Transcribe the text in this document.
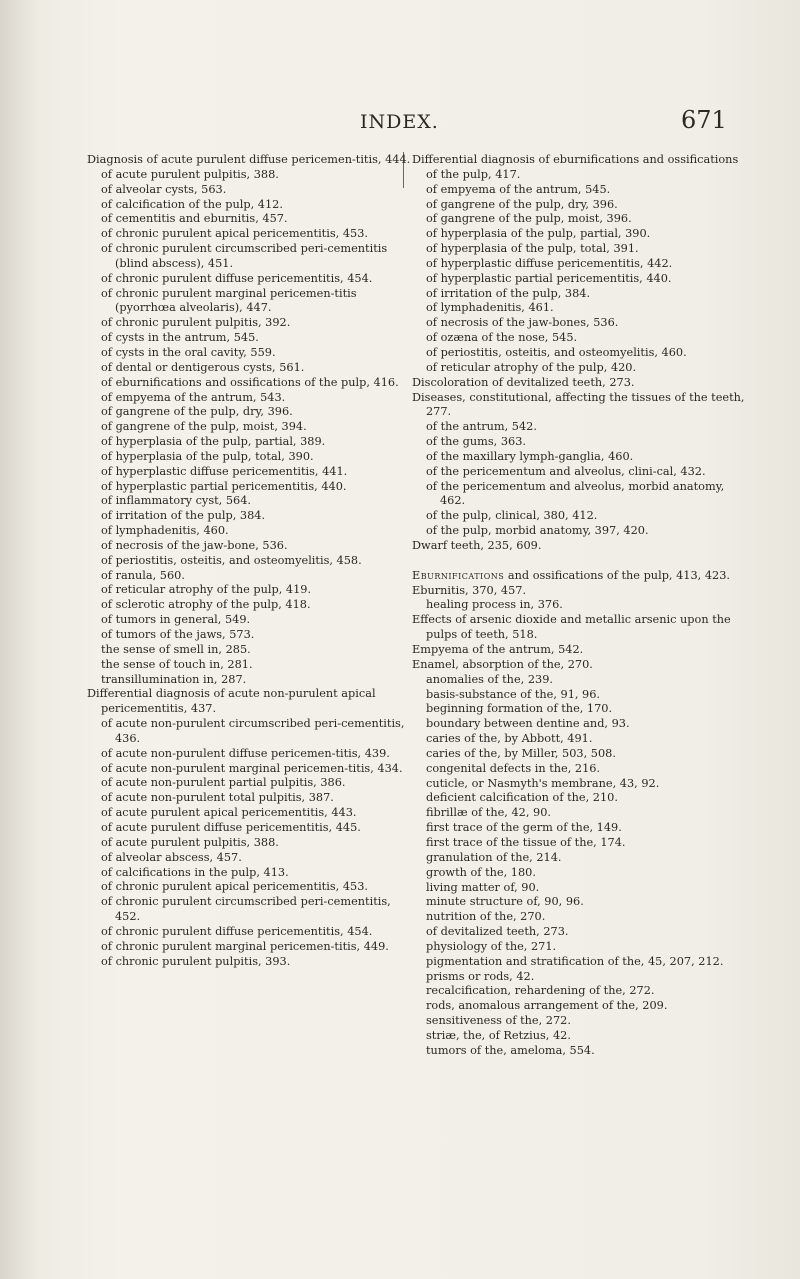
INDEX.	671
Diagnosis of acute purulent diffuse pericemen-titis, 444.
of acute purulent pulpitis, 388.
of alveolar cysts, 563.
of calcification of the pulp, 412.
of cementitis and eburnitis, 457.
of chronic purulent apical pericementitis, 453.
of chronic purulent circumscribed peri-cementitis (blind abscess), 451.
of chronic purulent diffuse pericementitis, 454.
of chronic purulent marginal pericemen-titis (pyorrhœa alveolaris), 447.
of chronic purulent pulpitis, 392.
of cysts in the antrum, 545.
of cysts in the oral cavity, 559.
of dental or dentigerous cysts, 561.
of eburnifications and ossifications of the pulp, 416.
of empyema of the antrum, 543.
of gangrene of the pulp, dry, 396.
of gangrene of the pulp, moist, 394.
of hyperplasia of the pulp, partial, 389.
of hyperplasia of the pulp, total, 390.
of hyperplastic diffuse pericementitis, 441.
of hyperplastic partial pericementitis, 440.
of inflammatory cyst, 564.
of irritation of the pulp, 384.
of lymphadenitis, 460.
of necrosis of the jaw-bone, 536.
of periostitis, osteitis, and osteomyelitis, 458.
of ranula, 560.
of reticular atrophy of the pulp, 419.
of sclerotic atrophy of the pulp, 418.
of tumors in general, 549.
of tumors of the jaws, 573.
the sense of smell in, 285.
the sense of touch in, 281.
transillumination in, 287.
Differential diagnosis of acute non-purulent apical pericementitis, 437.
of acute non-purulent circumscribed peri-cementitis, 436.
of acute non-purulent diffuse pericemen-titis, 439.
of acute non-purulent marginal pericemen-titis, 434.
of acute non-purulent partial pulpitis, 386.
of acute non-purulent total pulpitis, 387.
of acute purulent apical pericementitis, 443.
of acute purulent diffuse pericementitis, 445.
of acute purulent pulpitis, 388.
of alveolar abscess, 457.
of calcifications in the pulp, 413.
of chronic purulent apical pericementitis, 453.
of chronic purulent circumscribed peri-cementitis, 452.
of chronic purulent diffuse pericementitis, 454.
of chronic purulent marginal pericemen-titis, 449.
of chronic purulent pulpitis, 393.
Differential diagnosis of eburnifications and ossifications of the pulp, 417.
of empyema of the antrum, 545.
of gangrene of the pulp, dry, 396.
of gangrene of the pulp, moist, 396.
of hyperplasia of the pulp, partial, 390.
of hyperplasia of the pulp, total, 391.
of hyperplastic diffuse pericementitis, 442.
of hyperplastic partial pericementitis, 440.
of irritation of the pulp, 384.
of lymphadenitis, 461.
of necrosis of the jaw-bones, 536.
of ozæna of the nose, 545.
of periostitis, osteitis, and osteomyelitis, 460.
of reticular atrophy of the pulp, 420.
Discoloration of devitalized teeth, 273.
Diseases, constitutional, affecting the tissues of the teeth, 277.
of the antrum, 542.
of the gums, 363.
of the maxillary lymph-ganglia, 460.
of the pericementum and alveolus, clini-cal, 432.
of the pericementum and alveolus, morbid anatomy, 462.
of the pulp, clinical, 380, 412.
of the pulp, morbid anatomy, 397, 420.
Dwarf teeth, 235, 609.
Eburnifications and ossifications of the pulp, 413, 423.
Eburnitis, 370, 457.
healing process in, 376.
Effects of arsenic dioxide and metallic arsenic upon the pulps of teeth, 518.
Empyema of the antrum, 542.
Enamel, absorption of the, 270.
anomalies of the, 239.
basis-substance of the, 91, 96.
beginning formation of the, 170.
boundary between dentine and, 93.
caries of the, by Abbott, 491.
caries of the, by Miller, 503, 508.
congenital defects in the, 216.
cuticle, or Nasmyth's membrane, 43, 92.
deficient calcification of the, 210.
fibrillæ of the, 42, 90.
first trace of the germ of the, 149.
first trace of the tissue of the, 174.
granulation of the, 214.
growth of the, 180.
living matter of, 90.
minute structure of, 90, 96.
nutrition of the, 270.
of devitalized teeth, 273.
physiology of the, 271.
pigmentation and stratification of the, 45, 207, 212.
prisms or rods, 42.
recalcification, rehardening of the, 272.
rods, anomalous arrangement of the, 209.
sensitiveness of the, 272.
striæ, the, of Retzius, 42.
tumors of the, ameloma, 554.
